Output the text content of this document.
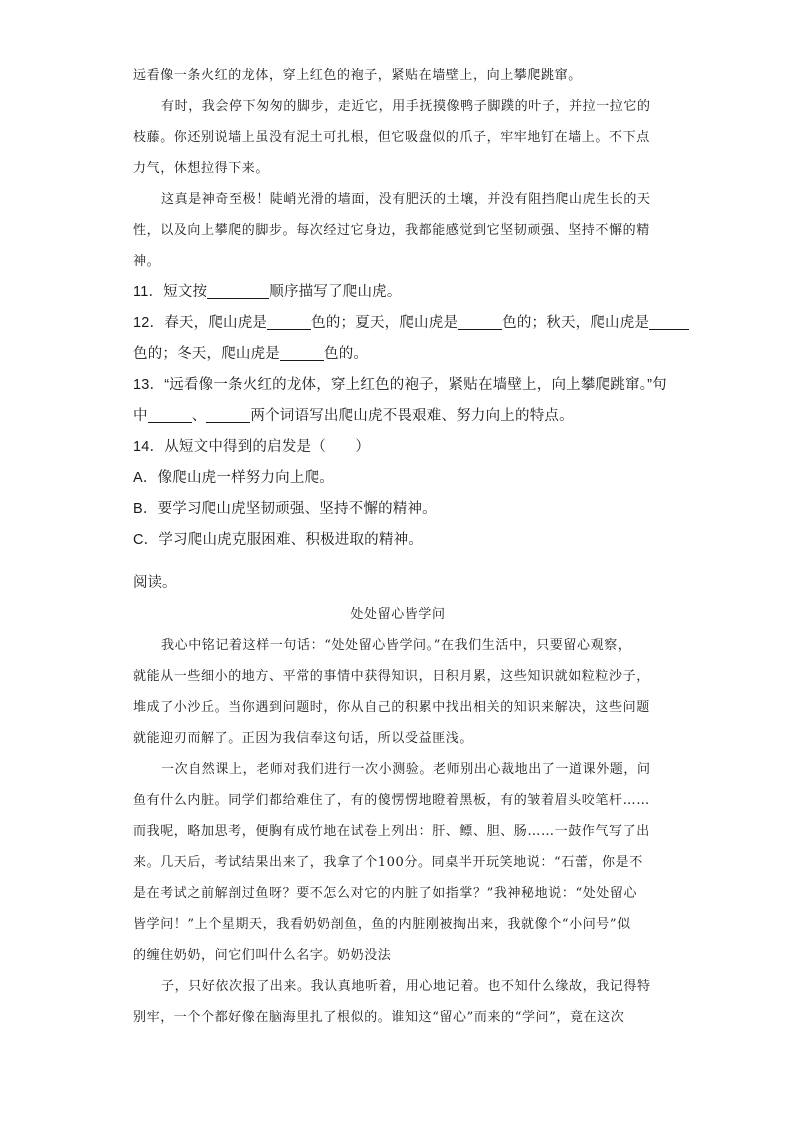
远看像一条火红的龙体，穿上红色的袍子，紧贴在墙壁上，向上攀爬跳窜。
有时，我会停下匆匆的脚步，走近它，用手抚摸像鸭子脚蹼的叶子，并拉一拉它的
枝藤。你还别说墙上虽没有泥土可扎根，但它吸盘似的爪子，牢牢地钉在墙上。不下点
力气，休想拉得下来。
这真是神奇至极！陡峭光滑的墙面，没有肥沃的土壤，并没有阻挡爬山虎生长的天
性，以及向上攀爬的脚步。每次经过它身边，我都能感觉到它坚韧顽强、坚持不懈的精
神。
11．短文按	顺序描写了爬山虎。
12．春天，爬山虎是	色的；夏天，爬山虎是	色的；秋天，爬山虎是
色的；冬天，爬山虎是	色的。
13．“远看像一条火红的龙体，穿上红色的袍子，紧贴在墙壁上，向上攀爬跳窜。”句
中	、	两个词语写出爬山虎不畏艰难、努力向上的特点。
14．从短文中得到的启发是（　　）
A．像爬山虎一样努力向上爬。
B．要学习爬山虎坚韧顽强、坚持不懈的精神。
C．学习爬山虎克服困难、积极进取的精神。
阅读。
处处留心皆学问
我心中铭记着这样一句话：“处处留心皆学问。”在我们生活中，只要留心观察，
就能从一些细小的地方、平常的事情中获得知识，日积月累，这些知识就如粒粒沙子，
堆成了小沙丘。当你遇到问题时，你从自己的积累中找出相关的知识来解决，这些问题
就能迎刃而解了。正因为我信奉这句话，所以受益匪浅。
一次自然课上，老师对我们进行一次小测验。老师别出心裁地出了一道课外题，问
鱼有什么内脏。同学们都给难住了，有的傻愣愣地瞪着黑板，有的皱着眉头咬笔杆……
而我呢，略加思考，便胸有成竹地在试卷上列出：肝、鳔、胆、肠……一鼓作气写了出
来。几天后，考试结果出来了，我拿了个100分。同桌半开玩笑地说：“石蕾，你是不
是在考试之前解剖过鱼呀？要不怎么对它的内脏了如指掌？”我神秘地说：“处处留心
皆学问！”上个星期天，我看奶奶剖鱼，鱼的内脏刚被掏出来，我就像个“小问号”似
的缠住奶奶，问它们叫什么名字。奶奶没法
子，只好依次报了出来。我认真地听着，用心地记着。也不知什么缘故，我记得特
别牢，一个个都好像在脑海里扎了根似的。谁知这“留心”而来的“学问”，竟在这次
